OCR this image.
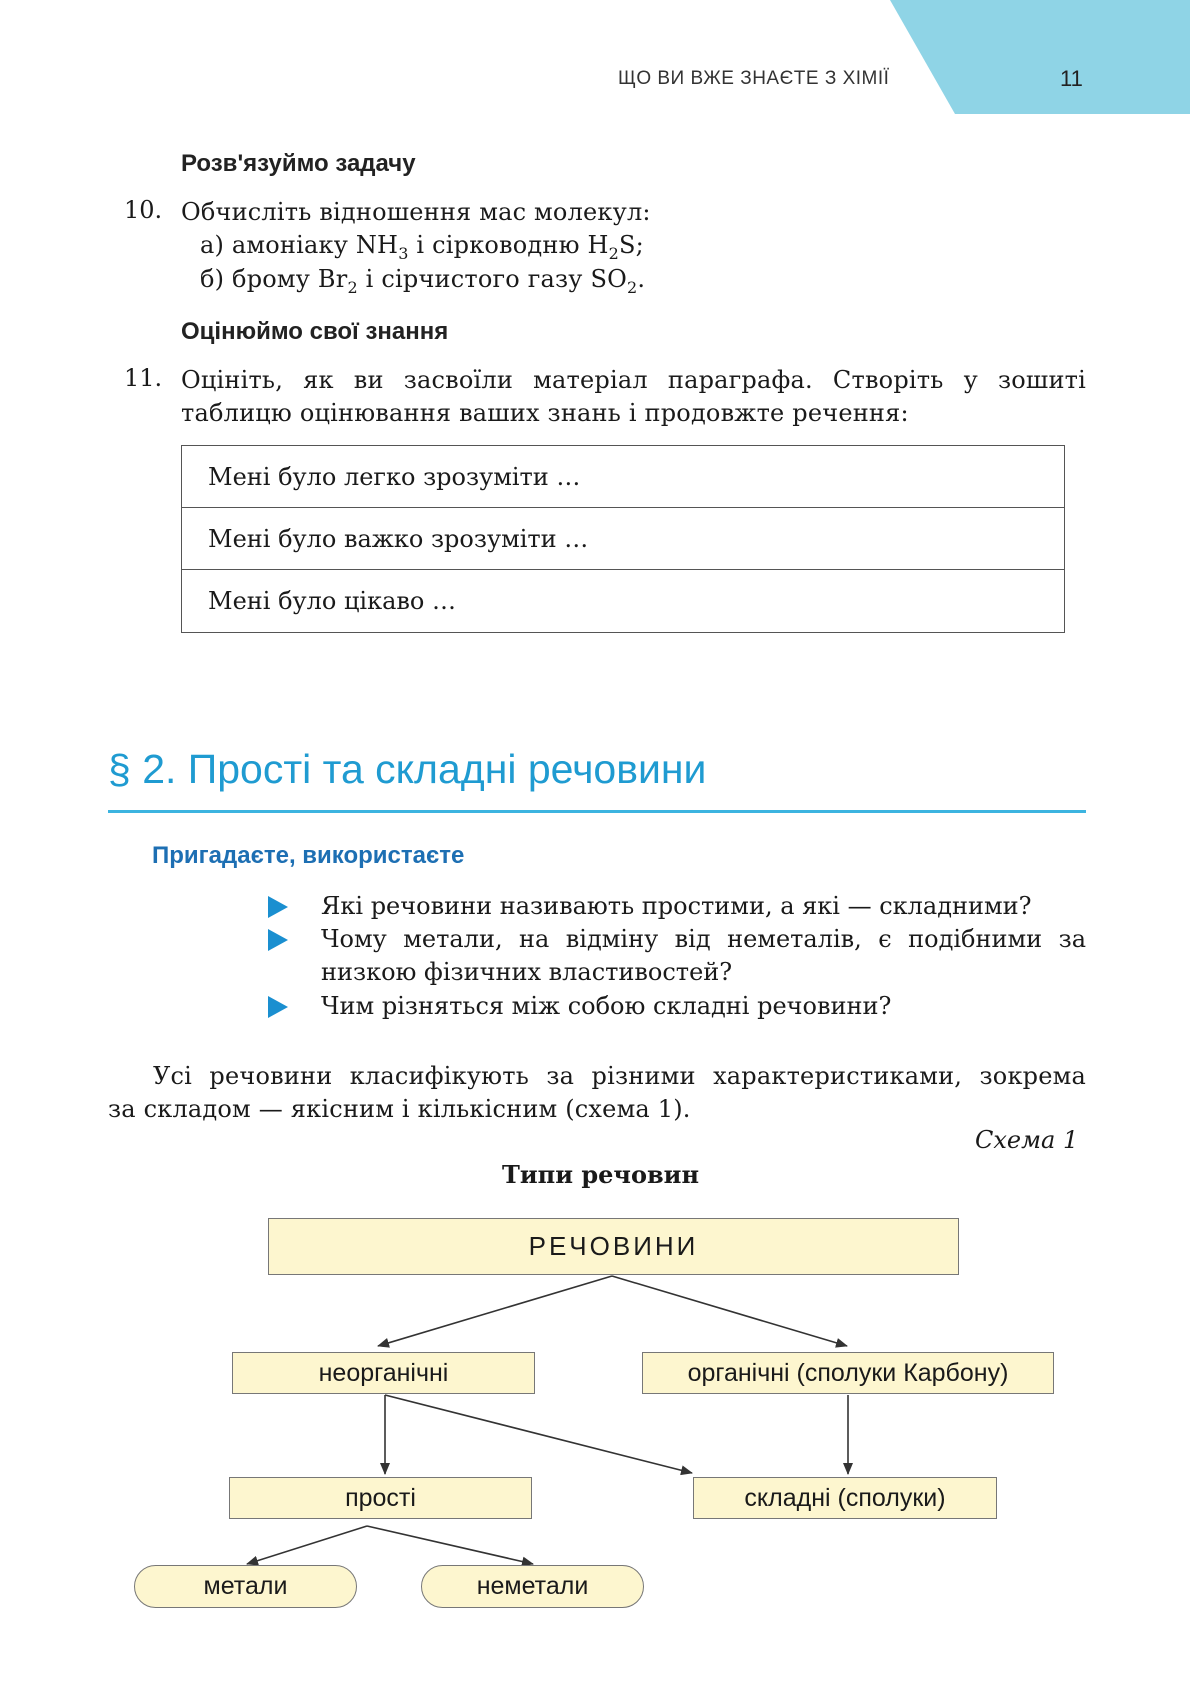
ЩО ВИ ВЖЕ ЗНАЄТЕ З ХІМІЇ	11
Розв'язуймо задачу
10. Обчисліть відношення мас молекул:
а) амоніаку $NH_3$ і сірководню $H_2S$;
б) брому $Br_2$ і сірчистого газу $SO_2$.
Оцінюймо свої знання
11. Оцініть, як ви засвоїли матеріал параграфа. Створіть у зошиті
таблицю оцінювання ваших знань і продовжте речення:
Мені було легко зрозуміти …
Мені було важко зрозуміти …
Мені було цікаво …
§ 2. Прості та складні речовини
Пригадаєте, використаєте
Які речовини називають простими, а які — складними?
Чому метали, на відміну від неметалів, є подібними за низкою фізичних властивостей?
Чим різняться між собою складні речовини?
Усі речовини класифікують за різними характеристиками, зокрема
за складом — якісним і кількісним (схема 1).
Схема 1
Типи речовин
РЕЧОВИНИ
неорганічні	органічні (сполуки Карбону)
прості	складні (сполуки)
метали	неметали
